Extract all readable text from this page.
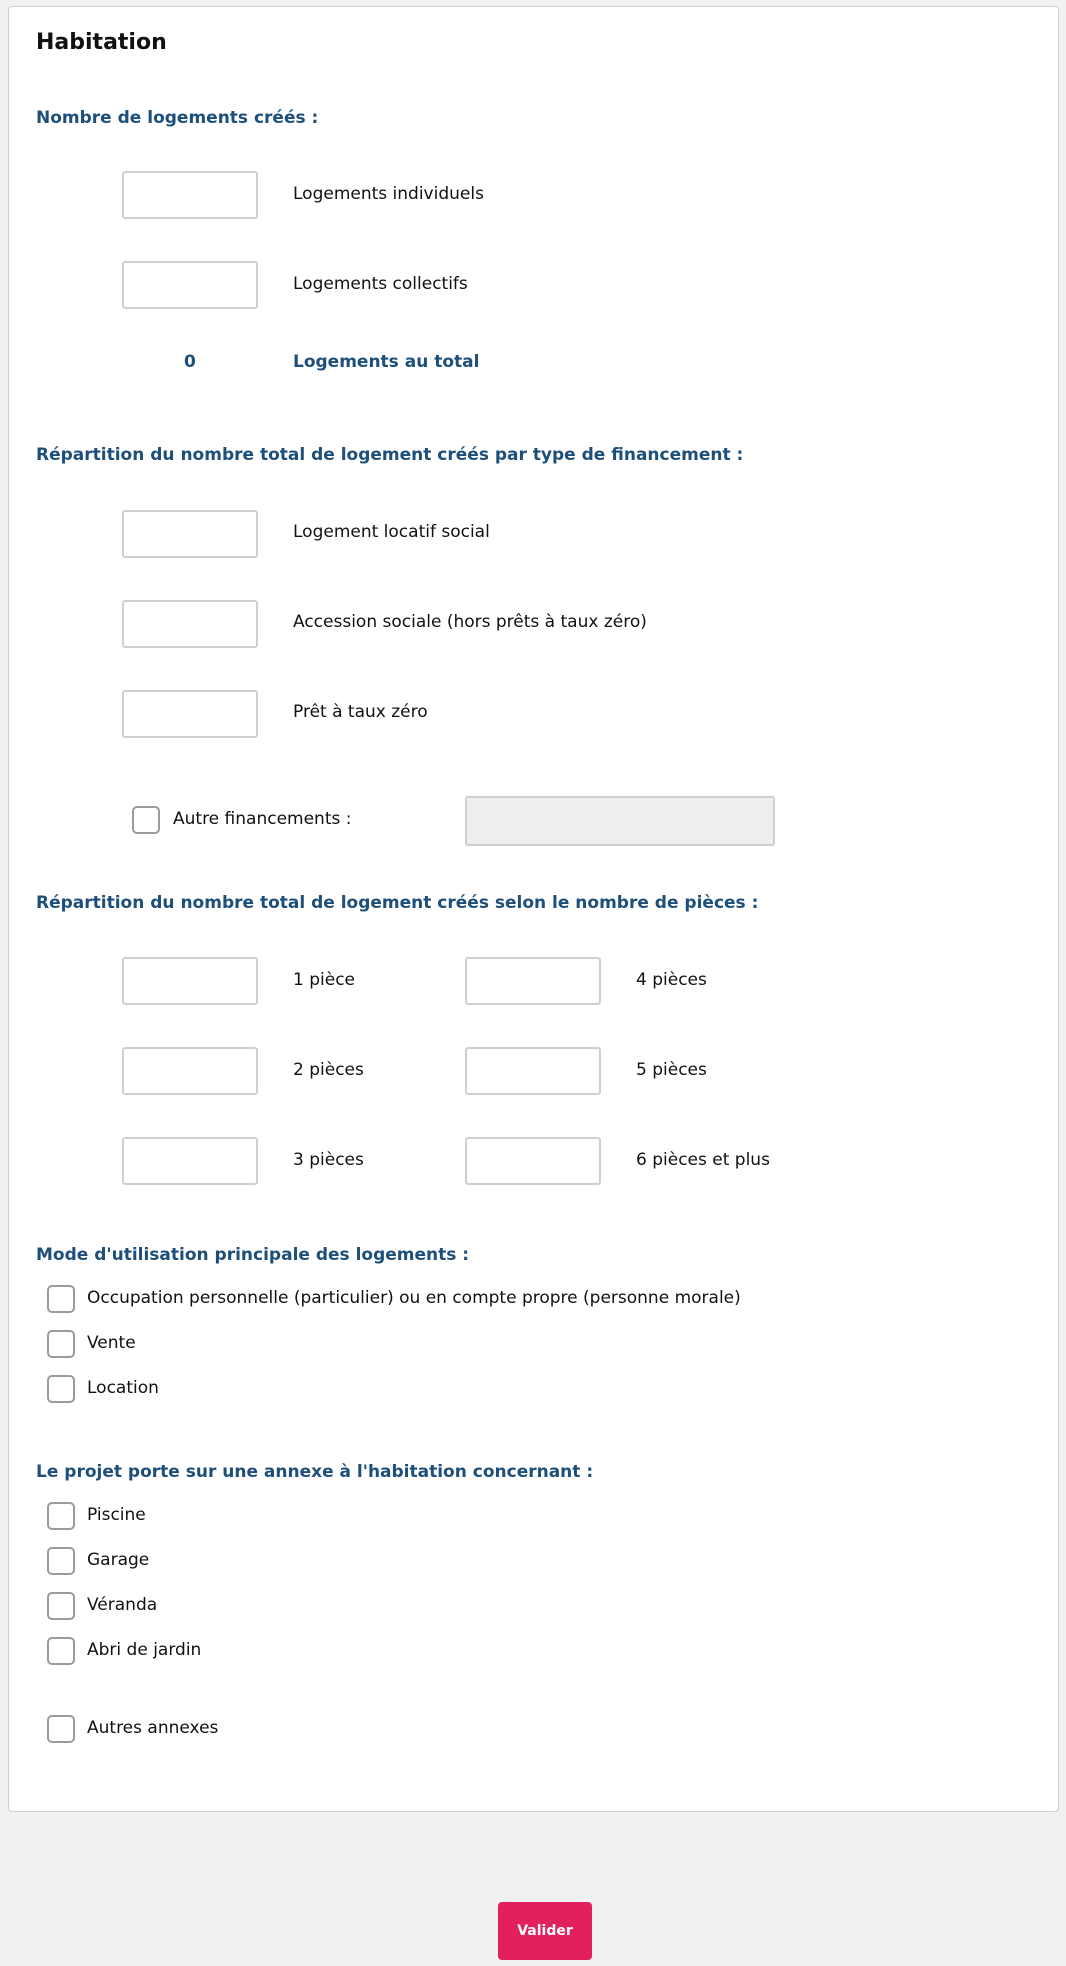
Habitation
Nombre de logements créés :
Logements individuels
Logements collectifs
0	Logements au total
Répartition du nombre total de logement créés par type de financement :
Logement locatif social
Accession sociale (hors prêts à taux zéro)
Prêt à taux zéro
Autre financements :
Répartition du nombre total de logement créés selon le nombre de pièces :
1 pièce	4 pièces
2 pièces	5 pièces
3 pièces	6 pièces et plus
Mode d'utilisation principale des logements :
Occupation personnelle (particulier) ou en compte propre (personne morale)
Vente
Location
Le projet porte sur une annexe à l'habitation concernant :
Piscine
Garage
Véranda
Abri de jardin
Autres annexes
Valider
